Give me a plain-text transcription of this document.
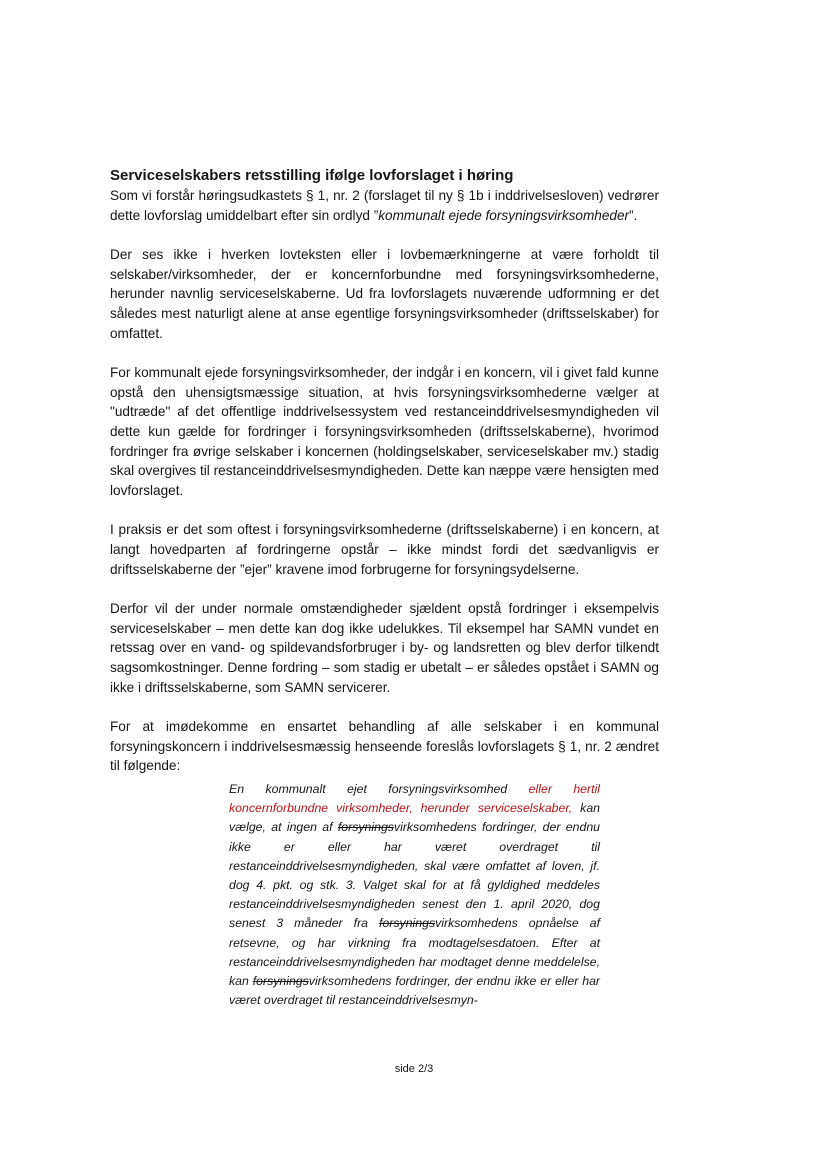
Serviceselskabers retsstilling ifølge lovforslaget i høring

Som vi forstår høringsudkastets § 1, nr. 2 (forslaget til ny § 1b i inddrivelsesloven) vedrører dette lovforslag umiddelbart efter sin ordlyd ”kommunalt ejede forsyningsvirksomheder”.

Der ses ikke i hverken lovteksten eller i lovbemærkningerne at være forholdt til selskaber/virksomheder, der er koncernforbundne med forsyningsvirksomhederne, herunder navnlig serviceselskaberne. Ud fra lovforslagets nuværende udformning er det således mest naturligt alene at anse egentlige forsyningsvirksomheder (driftsselskaber) for omfattet.

For kommunalt ejede forsyningsvirksomheder, der indgår i en koncern, vil i givet fald kunne opstå den uhensigtsmæssige situation, at hvis forsyningsvirksomhederne vælger at "udtræde" af det offentlige inddrivelsessystem ved restanceinddrivelsesmyndigheden vil dette kun gælde for fordringer i forsyningsvirksomheden (driftsselskaberne), hvorimod fordringer fra øvrige selskaber i koncernen (holdingselskaber, serviceselskaber mv.) stadig skal overgives til restanceinddrivelsesmyndigheden. Dette kan næppe være hensigten med lovforslaget.

I praksis er det som oftest i forsyningsvirksomhederne (driftsselskaberne) i en koncern, at langt hovedparten af fordringerne opstår – ikke mindst fordi det sædvanligvis er driftsselskaberne der ”ejer” kravene imod forbrugerne for forsyningsydelserne.

Derfor vil der under normale omstændigheder sjældent opstå fordringer i eksempelvis serviceselskaber – men dette kan dog ikke udelukkes. Til eksempel har SAMN vundet en retssag over en vand- og spildevandsforbruger i by- og landsretten og blev derfor tilkendt sagsomkostninger. Denne fordring – som stadig er ubetalt – er således opstået i SAMN og ikke i driftsselskaberne, som SAMN servicerer.

For at imødekomme en ensartet behandling af alle selskaber i en kommunal forsyningskoncern i inddrivelsesmæssig henseende foreslås lovforslagets § 1, nr. 2 ændret til følgende:

En kommunalt ejet forsyningsvirksomhed eller hertil koncernforbundne virksomheder, herunder serviceselskaber, kan vælge, at ingen af forsyningsvirksomhedens fordringer, der endnu ikke er eller har været overdraget til restanceinddrivelsesmyndigheden, skal være omfattet af loven, jf. dog 4. pkt. og stk. 3. Valget skal for at få gyldighed meddeles restanceinddrivelsesmyndigheden senest den 1. april 2020, dog senest 3 måneder fra forsyningsvirksomhedens opnåelse af retsevne, og har virkning fra modtagelsesdatoen. Efter at restanceinddrivelsesmyndigheden har modtaget denne meddelelse, kan forsyningsvirksomhedens fordringer, der endnu ikke er eller har været overdraget til restanceinddrivelsesmyn-
side 2/3
